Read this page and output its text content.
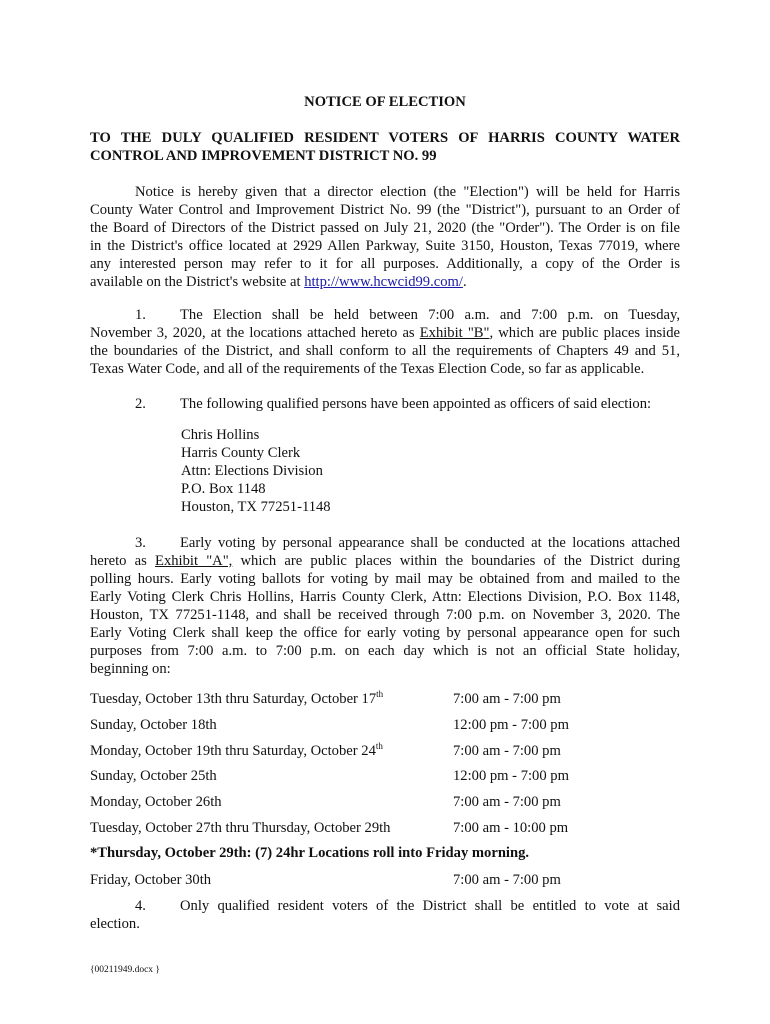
NOTICE OF ELECTION
TO THE DULY QUALIFIED RESIDENT VOTERS OF HARRIS COUNTY WATER
CONTROL AND IMPROVEMENT DISTRICT NO. 99
Notice is hereby given that a director election (the "Election") will be held for Harris
County Water Control and Improvement District No. 99 (the "District"), pursuant to an Order of
the Board of Directors of the District passed on July 21, 2020 (the "Order"). The Order is on file
in the District's office located at 2929 Allen Parkway, Suite 3150, Houston, Texas 77019, where
any interested person may refer to it for all purposes. Additionally, a copy of the Order is
available on the District's website at http://www.hcwcid99.com/.
1. The Election shall be held between 7:00 a.m. and 7:00 p.m. on Tuesday,
November 3, 2020, at the locations attached hereto as Exhibit "B", which are public places inside
the boundaries of the District, and shall conform to all the requirements of Chapters 49 and 51,
Texas Water Code, and all of the requirements of the Texas Election Code, so far as applicable.
2. The following qualified persons have been appointed as officers of said election:
Chris Hollins
Harris County Clerk
Attn: Elections Division
P.O. Box 1148
Houston, TX 77251-1148
3. Early voting by personal appearance shall be conducted at the locations attached
hereto as Exhibit "A", which are public places within the boundaries of the District during
polling hours. Early voting ballots for voting by mail may be obtained from and mailed to the
Early Voting Clerk Chris Hollins, Harris County Clerk, Attn: Elections Division, P.O. Box 1148,
Houston, TX 77251-1148, and shall be received through 7:00 p.m. on November 3, 2020. The
Early Voting Clerk shall keep the office for early voting by personal appearance open for such
purposes from 7:00 a.m. to 7:00 p.m. on each day which is not an official State holiday,
beginning on:
Tuesday, October 13th thru Saturday, October 17th	7:00 am - 7:00 pm
Sunday, October 18th	12:00 pm - 7:00 pm
Monday, October 19th thru Saturday, October 24th	7:00 am - 7:00 pm
Sunday, October 25th	12:00 pm - 7:00 pm
Monday, October 26th	7:00 am - 7:00 pm
Tuesday, October 27th thru Thursday, October 29th	7:00 am - 10:00 pm
*Thursday, October 29th: (7) 24hr Locations roll into Friday morning.
Friday, October 30th	7:00 am - 7:00 pm
4. Only qualified resident voters of the District shall be entitled to vote at said
election.
{00211949.docx }
